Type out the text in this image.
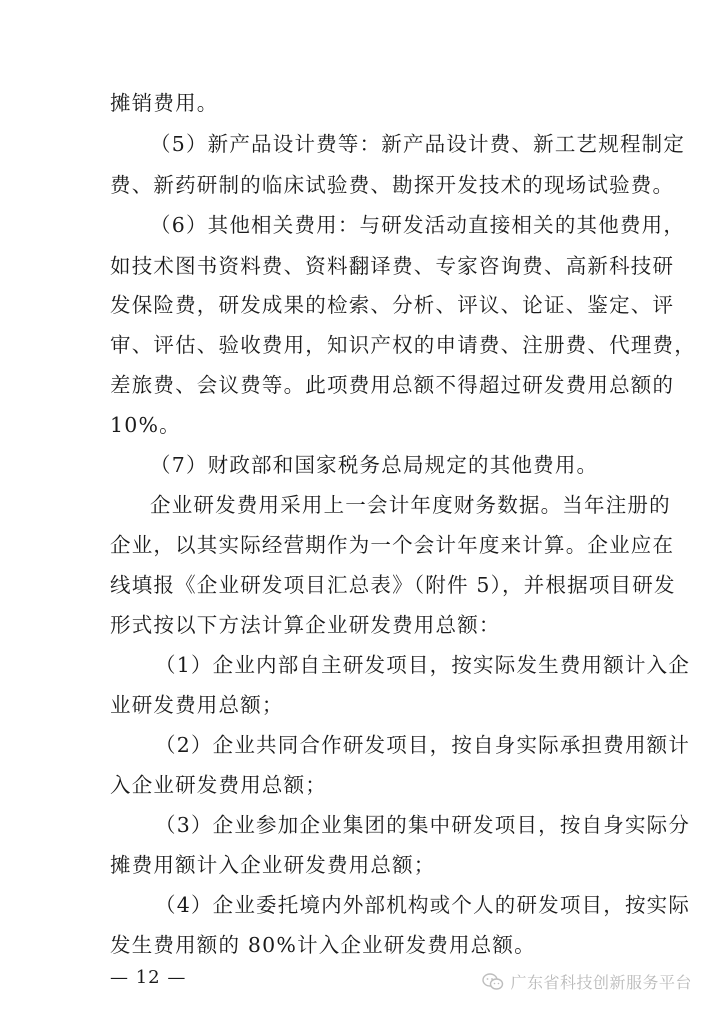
摊销费用。
（5）新产品设计费等：新产品设计费、新工艺规程制定
费、新药研制的临床试验费、勘探开发技术的现场试验费。
（6）其他相关费用：与研发活动直接相关的其他费用，
如技术图书资料费、资料翻译费、专家咨询费、高新科技研
发保险费，研发成果的检索、分析、评议、论证、鉴定、评
审、评估、验收费用，知识产权的申请费、注册费、代理费，
差旅费、会议费等。此项费用总额不得超过研发费用总额的
10%。
（7）财政部和国家税务总局规定的其他费用。
企业研发费用采用上一会计年度财务数据。当年注册的
企业，以其实际经营期作为一个会计年度来计算。企业应在
线填报《企业研发项目汇总表》（附件 5），并根据项目研发
形式按以下方法计算企业研发费用总额：
（1）企业内部自主研发项目，按实际发生费用额计入企
业研发费用总额；
（2）企业共同合作研发项目，按自身实际承担费用额计
入企业研发费用总额；
（3）企业参加企业集团的集中研发项目，按自身实际分
摊费用额计入企业研发费用总额；
（4）企业委托境内外部机构或个人的研发项目，按实际
发生费用额的 80%计入企业研发费用总额。
— 12 —	广东省科技创新服务平台
